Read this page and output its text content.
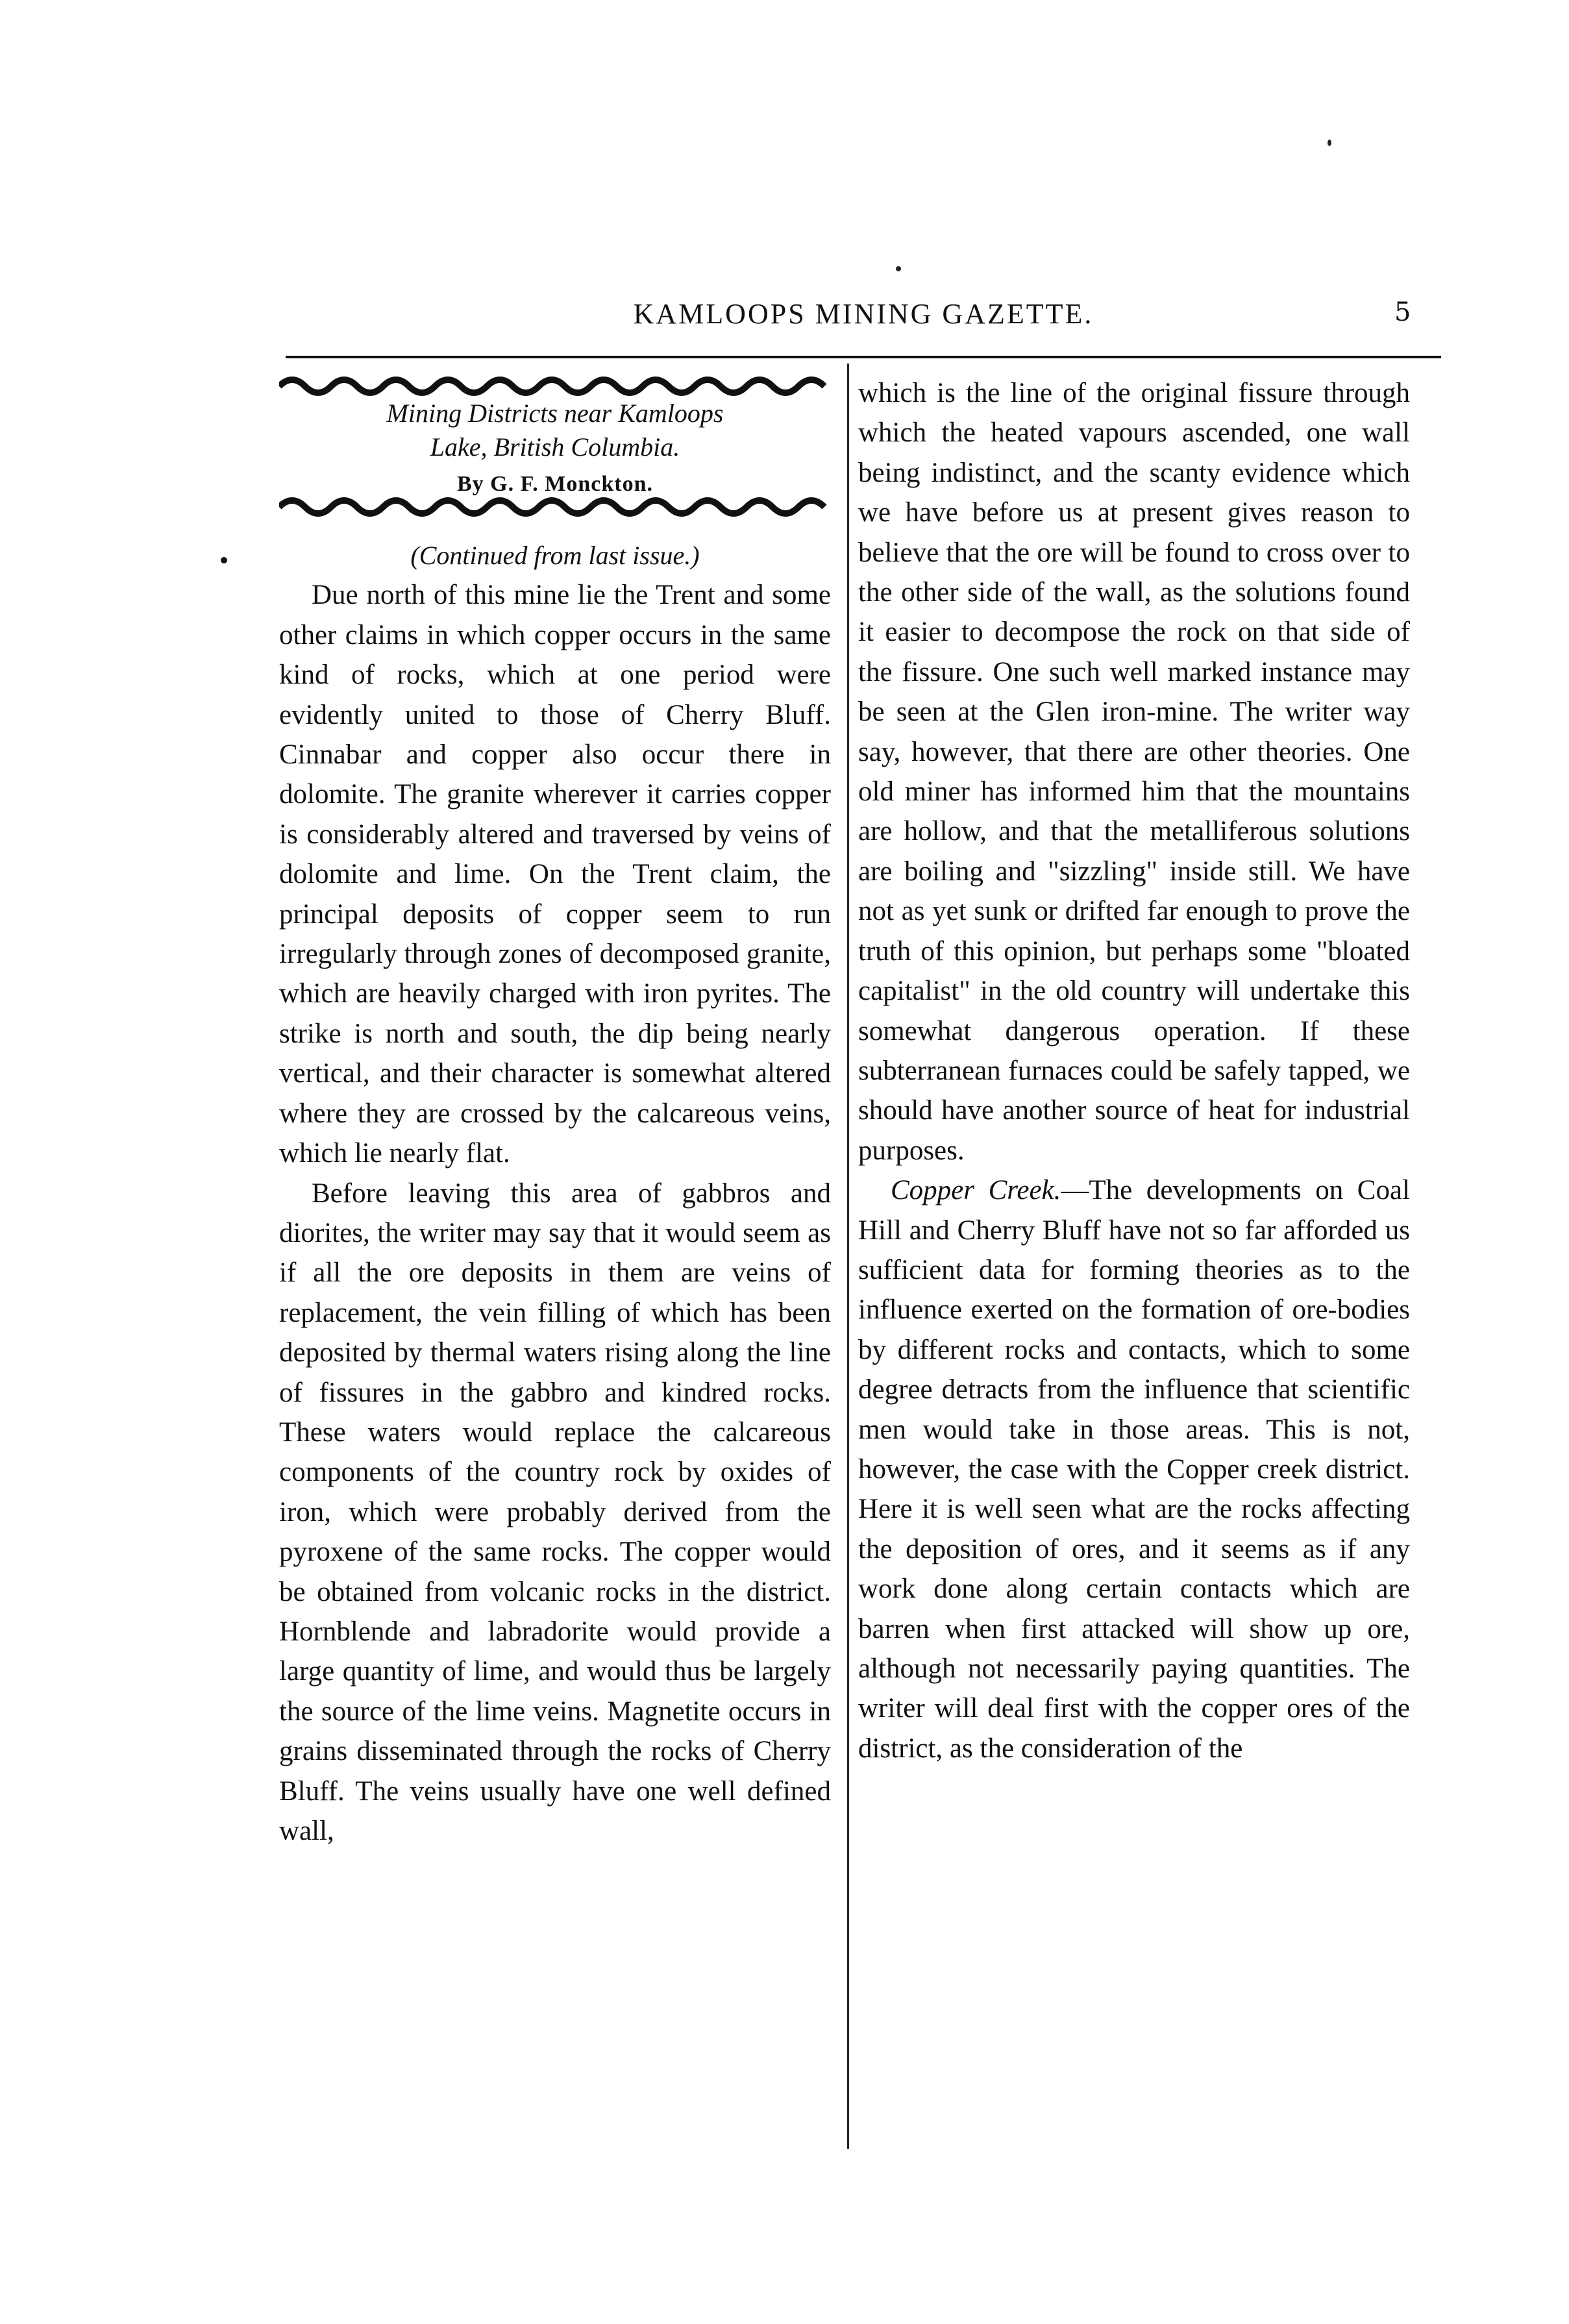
KAMLOOPS MINING GAZETTE.	5
Mining Districts near Kamloops
Lake, British Columbia.
By G. F. Monckton.

(Continued from last issue.)

Due north of this mine lie the Trent and some other claims in which copper occurs in the same kind of rocks, which at one period were evidently united to those of Cherry Bluff. Cinnabar and copper also occur there in dolomite. The granite wherever it carries copper is considerably altered and traversed by veins of dolomite and lime. On the Trent claim, the principal deposits of copper seem to run irregularly through zones of decomposed granite, which are heavily charged with iron pyrites. The strike is north and south, the dip being nearly vertical, and their character is somewhat altered where they are crossed by the calcareous veins, which lie nearly flat.

Before leaving this area of gabbros and diorites, the writer may say that it would seem as if all the ore deposits in them are veins of replacement, the vein filling of which has been deposited by thermal waters rising along the line of fissures in the gabbro and kindred rocks. These waters would replace the calcareous components of the country rock by oxides of iron, which were probably derived from the pyroxene of the same rocks. The copper would be obtained from volcanic rocks in the district. Hornblende and labradorite would provide a large quantity of lime, and would thus be largely the source of the lime veins. Magnetite occurs in grains disseminated through the rocks of Cherry Bluff. The veins usually have one well defined wall,

which is the line of the original fissure through which the heated vapours ascended, one wall being indistinct, and the scanty evidence which we have before us at present gives reason to believe that the ore will be found to cross over to the other side of the wall, as the solutions found it easier to decompose the rock on that side of the fissure. One such well marked instance may be seen at the Glen iron-mine. The writer way say, however, that there are other theories. One old miner has informed him that the mountains are hollow, and that the metalliferous solutions are boiling and "sizzling" inside still. We have not as yet sunk or drifted far enough to prove the truth of this opinion, but perhaps some "bloated capitalist" in the old country will undertake this somewhat dangerous operation. If these subterranean furnaces could be safely tapped, we should have another source of heat for industrial purposes.

Copper Creek.—The developments on Coal Hill and Cherry Bluff have not so far afforded us sufficient data for forming theories as to the influence exerted on the formation of ore-bodies by different rocks and contacts, which to some degree detracts from the influence that scientific men would take in those areas. This is not, however, the case with the Copper creek district. Here it is well seen what are the rocks affecting the deposition of ores, and it seems as if any work done along certain contacts which are barren when first attacked will show up ore, although not necessarily paying quantities. The writer will deal first with the copper ores of the district, as the consideration of the
